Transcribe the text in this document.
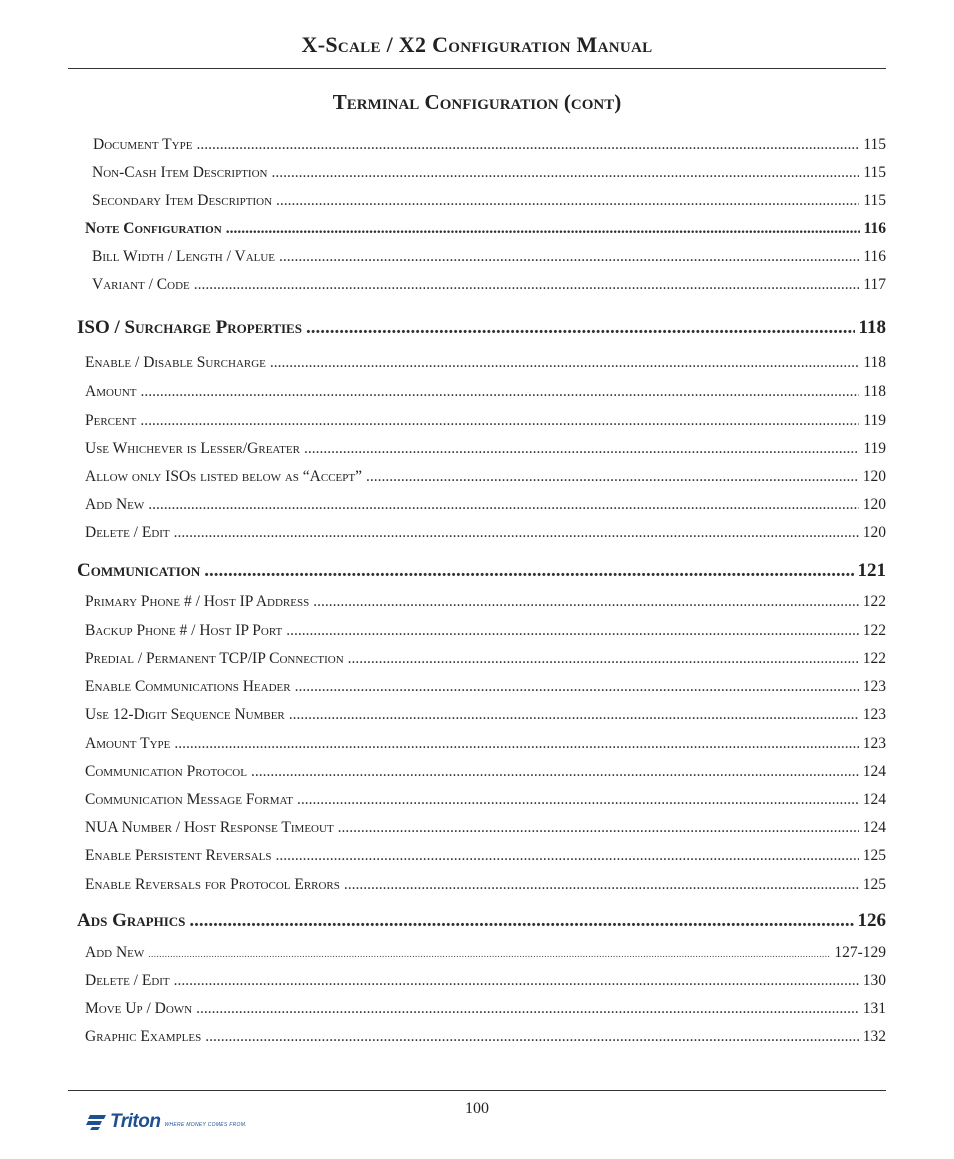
X-Scale / X2 Configuration Manual
Terminal Configuration (cont)
Document Type .....	115
Non-Cash Item Description .....	115
Secondary Item Description .....	115
Note Configuration .....	116
Bill Width / Length / Value .....	116
Variant / Code .....	117
ISO / Surcharge Properties .....	118
Enable / Disable Surcharge .....	118
Amount .....	118
Percent .....	119
Use Whichever is Lesser/Greater .....	119
Allow only ISOs listed below as “Accept” .....	120
Add New .....	120
Delete / Edit .....	120
Communication .....	121
Primary Phone # / Host IP Address .....	122
Backup Phone # / Host IP Port .....	122
Predial / Permanent TCP/IP Connection .....	122
Enable Communications Header .....	123
Use 12-Digit Sequence Number .....	123
Amount Type .....	123
Communication Protocol .....	124
Communication Message Format .....	124
NUA Number / Host Response Timeout .....	124
Enable Persistent Reversals .....	125
Enable Reversals for Protocol Errors .....	125
Ads Graphics .....	126
Add New .....	127-129
Delete / Edit .....	130
Move Up / Down .....	131
Graphic Examples .....	132
100
Triton WHERE MONEY COMES FROM.
